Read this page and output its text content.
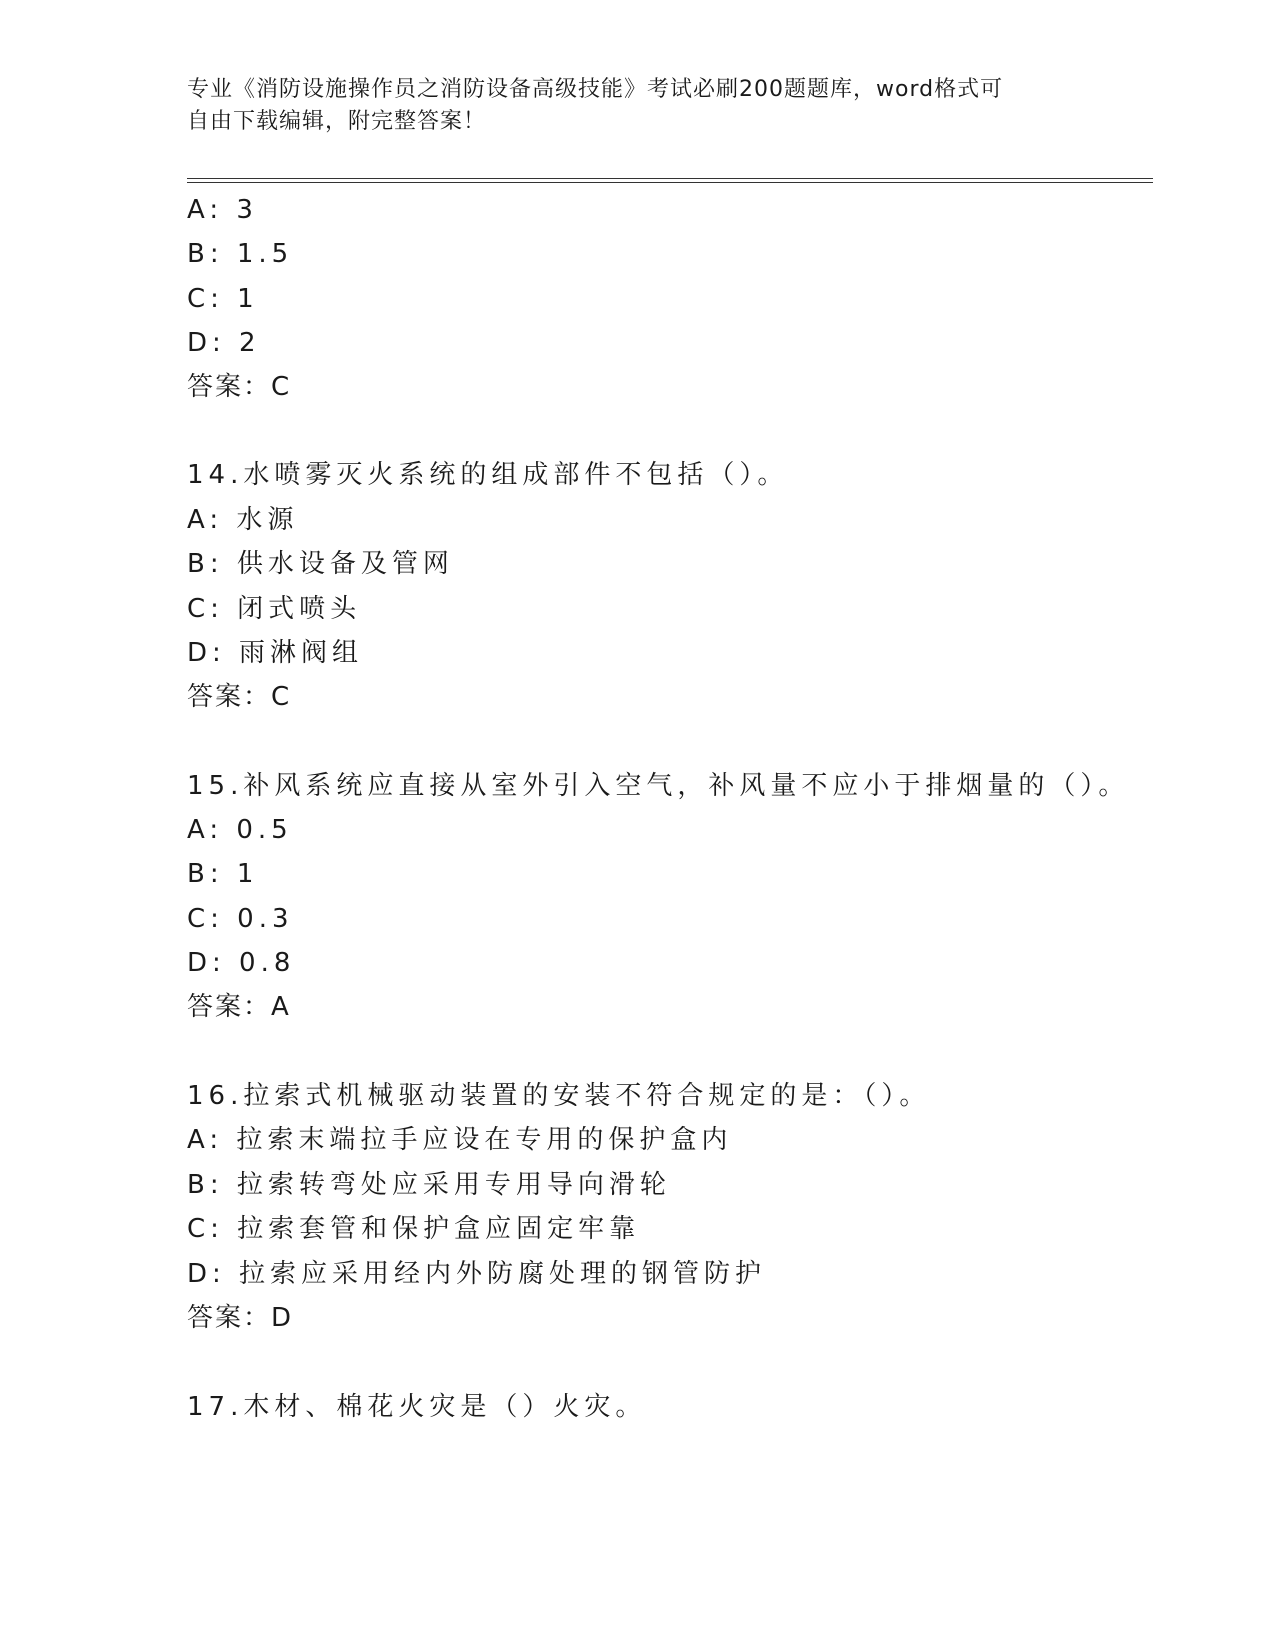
专业《消防设施操作员之消防设备高级技能》考试必刷200题题库，word格式可
自由下载编辑，附完整答案！
A: 3
B: 1.5
C: 1
D: 2
答案：C
14.水喷雾灭火系统的组成部件不包括（）。
A: 水源
B: 供水设备及管网
C: 闭式喷头
D: 雨淋阀组
答案：C
15.补风系统应直接从室外引入空气，补风量不应小于排烟量的（）。
A: 0.5
B: 1
C: 0.3
D: 0.8
答案：A
16.拉索式机械驱动装置的安装不符合规定的是：（）。
A: 拉索末端拉手应设在专用的保护盒内
B: 拉索转弯处应采用专用导向滑轮
C: 拉索套管和保护盒应固定牢靠
D: 拉索应采用经内外防腐处理的钢管防护
答案：D
17.木材、棉花火灾是（）火灾。
